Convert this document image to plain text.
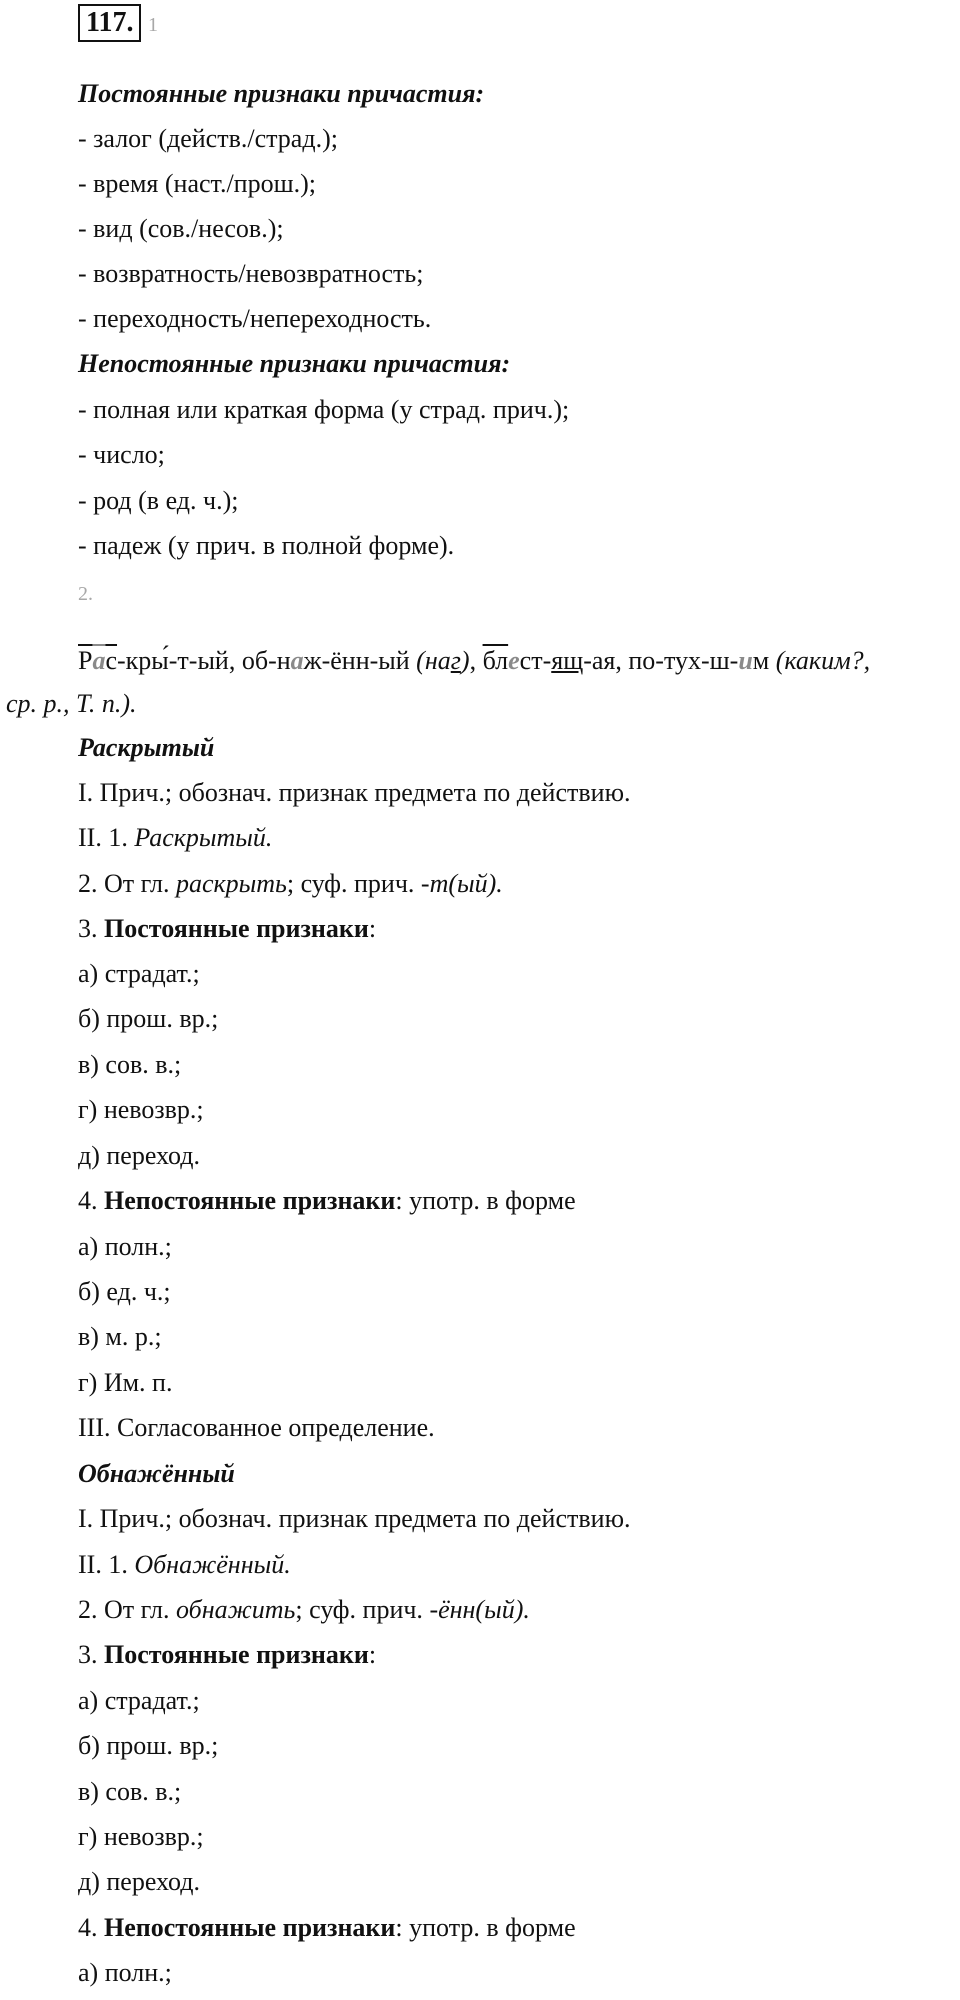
117. 1
Постоянные признаки причастия:
- залог (действ./страд.);
- время (наст./прош.);
- вид (сов./несов.);
- возвратность/невозвратность;
- переходность/непереходность.
Непостоянные признаки причастия:
- полная или краткая форма (у страд. прич.);
- число;
- род (в ед. ч.);
- падеж (у прич. в полной форме).
2.
Рас-кры́-т-ый, об-наж-ённ-ый (наг), блест-ящ-ая, по-тух-ш-им (каким?,
ср. р., Т. п.).
Раскрытый
I. Прич.; обознач. признак предмета по действию.
II. 1. Раскрытый.
2. От гл. раскрыть; суф. прич. -т(ый).
3. Постоянные признаки:
а) страдат.;
б) прош. вр.;
в) сов. в.;
г) невозвр.;
д) переход.
4. Непостоянные признаки: употр. в форме
а) полн.;
б) ед. ч.;
в) м. р.;
г) Им. п.
III. Согласованное определение.
Обнажённый
I. Прич.; обознач. признак предмета по действию.
II. 1. Обнажённый.
2. От гл. обнажить; суф. прич. -ённ(ый).
3. Постоянные признаки:
а) страдат.;
б) прош. вр.;
в) сов. в.;
г) невозвр.;
д) переход.
4. Непостоянные признаки: употр. в форме
а) полн.;
